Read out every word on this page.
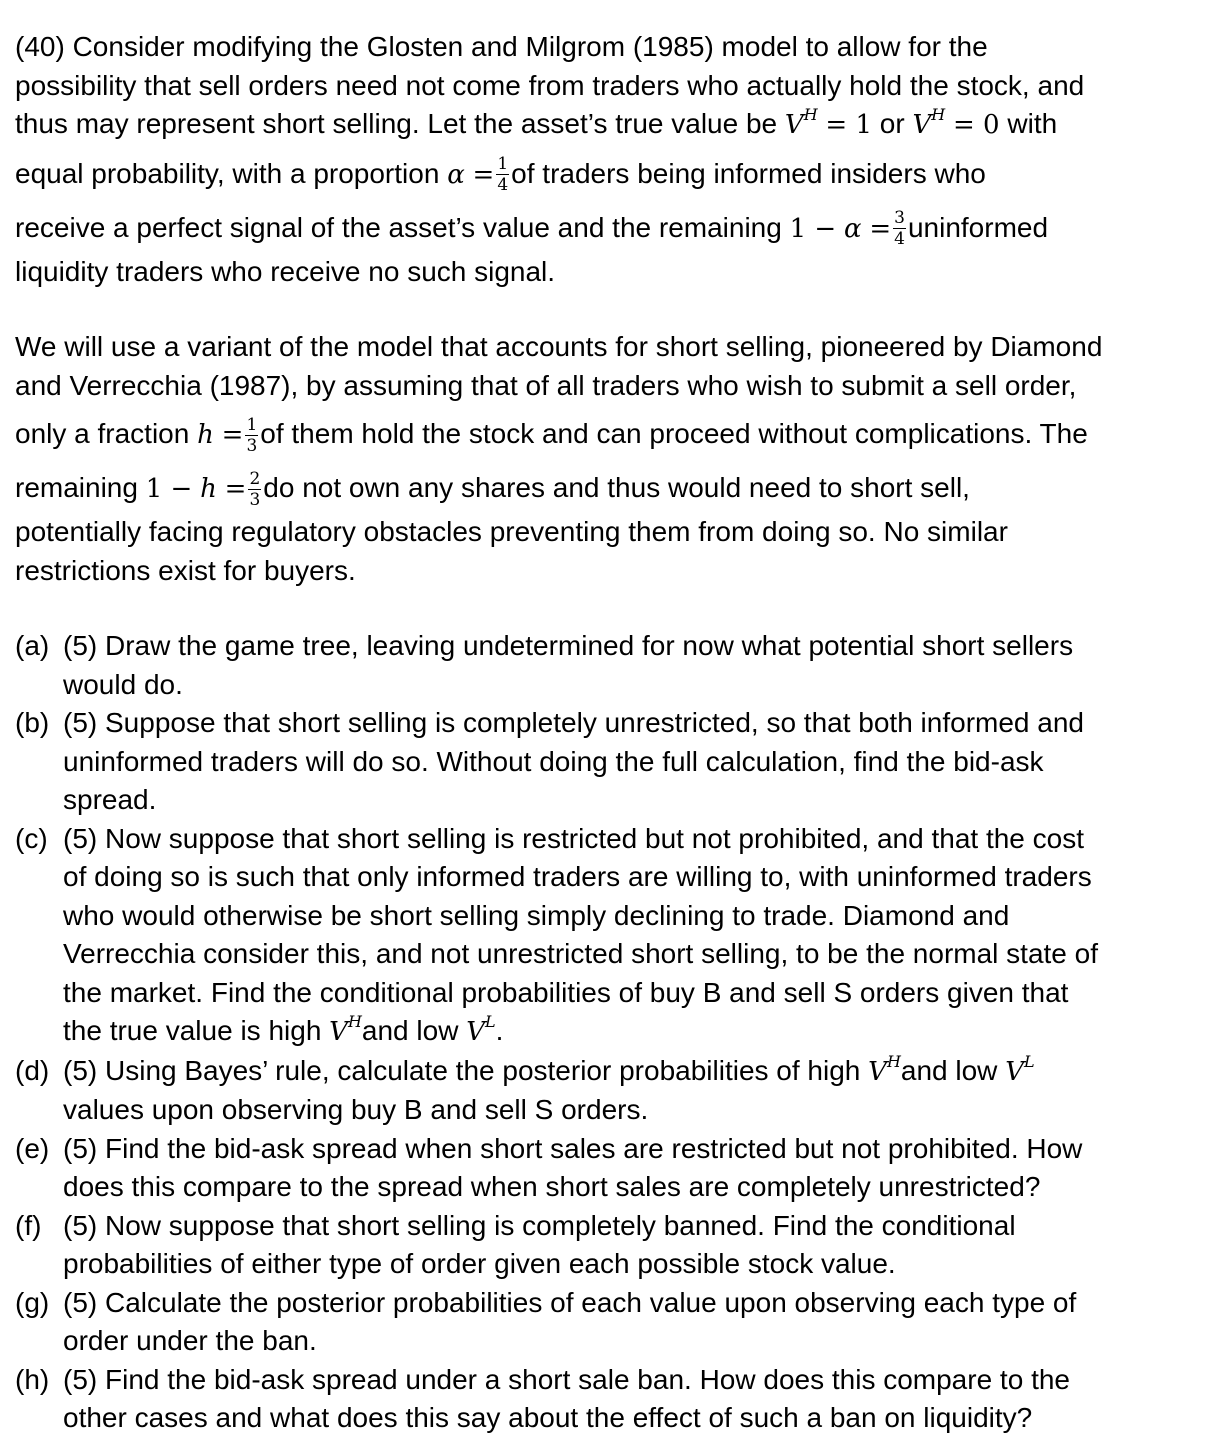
(40) Consider modifying the Glosten and Milgrom (1985) model to allow for the
possibility that sell orders need not come from traders who actually hold the stock, and
thus may represent short selling. Let the asset’s true value be $V^H = 1$ or $V^H = 0$ with
equal probability, with a proportion $\alpha = \frac{1}{4}$ of traders being informed insiders who
receive a perfect signal of the asset’s value and the remaining $1 - \alpha = \frac{3}{4}$ uninformed
liquidity traders who receive no such signal.
We will use a variant of the model that accounts for short selling, pioneered by Diamond
and Verrecchia (1987), by assuming that of all traders who wish to submit a sell order,
only a fraction $h = \frac{1}{3}$ of them hold the stock and can proceed without complications. The
remaining $1 - h = \frac{2}{3}$ do not own any shares and thus would need to short sell,
potentially facing regulatory obstacles preventing them from doing so. No similar
restrictions exist for buyers.
(a) (5) Draw the game tree, leaving undetermined for now what potential short sellers
would do.
(b) (5) Suppose that short selling is completely unrestricted, so that both informed and
uninformed traders will do so. Without doing the full calculation, find the bid-ask
spread.
(c) (5) Now suppose that short selling is restricted but not prohibited, and that the cost
of doing so is such that only informed traders are willing to, with uninformed traders
who would otherwise be short selling simply declining to trade. Diamond and
Verrecchia consider this, and not unrestricted short selling, to be the normal state of
the market. Find the conditional probabilities of buy B and sell S orders given that
the true value is high $V^Hand$ low $V^L$.
(d) (5) Using Bayes’ rule, calculate the posterior probabilities of high $V^Hand$ low $V^L$
values upon observing buy B and sell S orders.
(e) (5) Find the bid-ask spread when short sales are restricted but not prohibited. How
does this compare to the spread when short sales are completely unrestricted?
(f) (5) Now suppose that short selling is completely banned. Find the conditional
probabilities of either type of order given each possible stock value.
(g) (5) Calculate the posterior probabilities of each value upon observing each type of
order under the ban.
(h) (5) Find the bid-ask spread under a short sale ban. How does this compare to the
other cases and what does this say about the effect of such a ban on liquidity?
